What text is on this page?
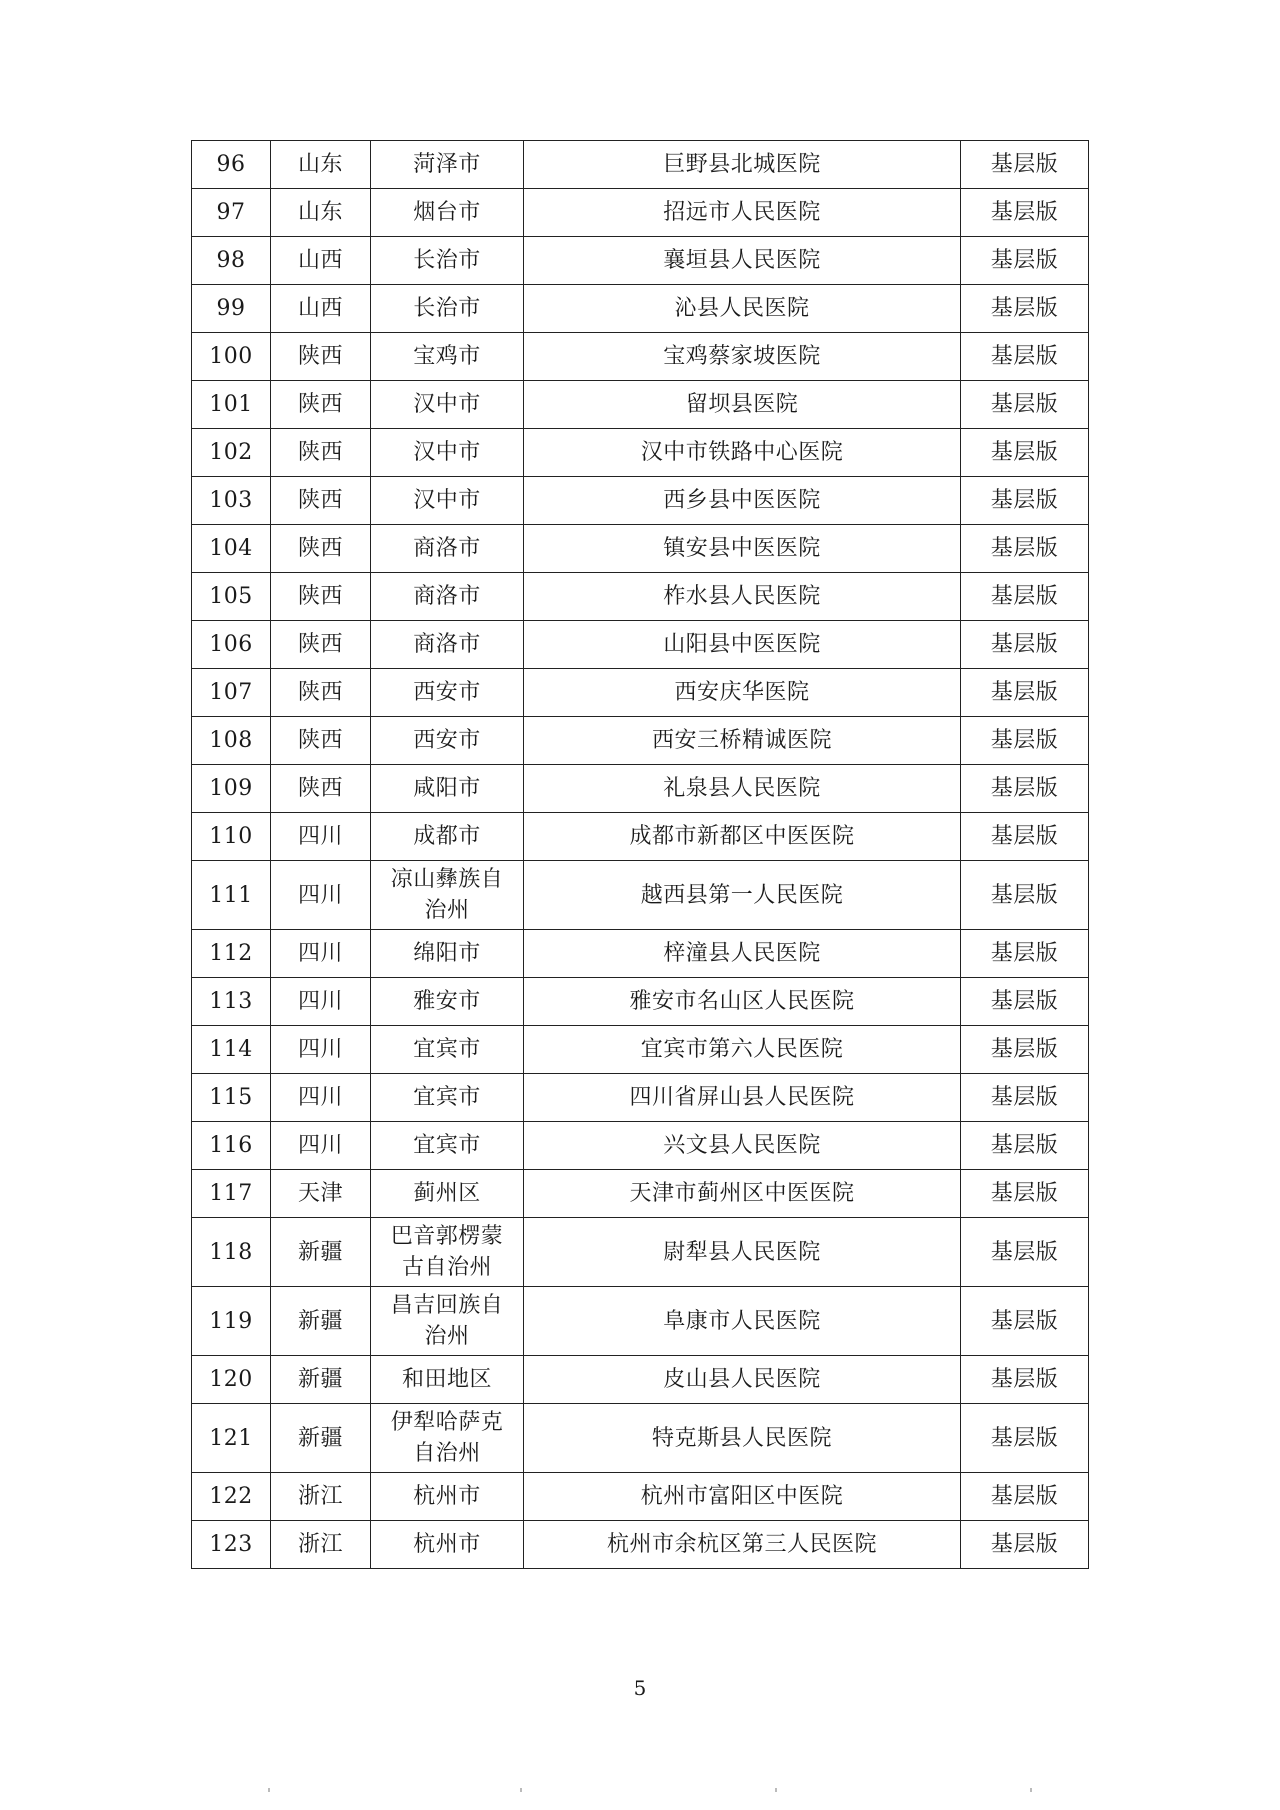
96	山东	菏泽市	巨野县北城医院	基层版
97	山东	烟台市	招远市人民医院	基层版
98	山西	长治市	襄垣县人民医院	基层版
99	山西	长治市	沁县人民医院	基层版
100	陕西	宝鸡市	宝鸡蔡家坡医院	基层版
101	陕西	汉中市	留坝县医院	基层版
102	陕西	汉中市	汉中市铁路中心医院	基层版
103	陕西	汉中市	西乡县中医医院	基层版
104	陕西	商洛市	镇安县中医医院	基层版
105	陕西	商洛市	柞水县人民医院	基层版
106	陕西	商洛市	山阳县中医医院	基层版
107	陕西	西安市	西安庆华医院	基层版
108	陕西	西安市	西安三桥精诚医院	基层版
109	陕西	咸阳市	礼泉县人民医院	基层版
110	四川	成都市	成都市新都区中医医院	基层版
111	四川	凉山彝族自治州	越西县第一人民医院	基层版
112	四川	绵阳市	梓潼县人民医院	基层版
113	四川	雅安市	雅安市名山区人民医院	基层版
114	四川	宜宾市	宜宾市第六人民医院	基层版
115	四川	宜宾市	四川省屏山县人民医院	基层版
116	四川	宜宾市	兴文县人民医院	基层版
117	天津	蓟州区	天津市蓟州区中医医院	基层版
118	新疆	巴音郭楞蒙古自治州	尉犁县人民医院	基层版
119	新疆	昌吉回族自治州	阜康市人民医院	基层版
120	新疆	和田地区	皮山县人民医院	基层版
121	新疆	伊犁哈萨克自治州	特克斯县人民医院	基层版
122	浙江	杭州市	杭州市富阳区中医院	基层版
123	浙江	杭州市	杭州市余杭区第三人民医院	基层版
5
